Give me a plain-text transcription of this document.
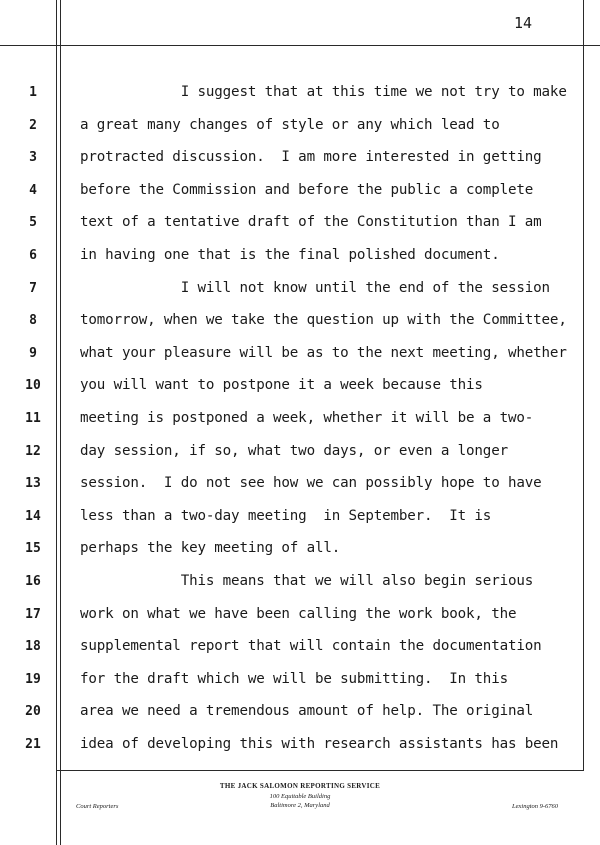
14
1	I suggest that at this time we not try to make
2	a great many changes of style or any which lead to
3	protracted discussion.  I am more interested in getting
4	before the Commission and before the public a complete
5	text of a tentative draft of the Constitution than I am
6	in having one that is the final polished document.
7	I will not know until the end of the session
8	tomorrow, when we take the question up with the Committee,
9	what your pleasure will be as to the next meeting, whether
10	you will want to postpone it a week because this
11	meeting is postponed a week, whether it will be a two-
12	day session, if so, what two days, or even a longer
13	session.  I do not see how we can possibly hope to have
14	less than a two-day meeting  in September.  It is
15	perhaps the key meeting of all.
16	This means that we will also begin serious
17	work on what we have been calling the work book, the
18	supplemental report that will contain the documentation
19	for the draft which we will be submitting.  In this
20	area we need a tremendous amount of help. The original
21	idea of developing this with research assistants has been
THE JACK SALOMON REPORTING SERVICE
100 Equitable Building
Baltimore 2, Maryland
Court Reporters	Lexington 9-6760
